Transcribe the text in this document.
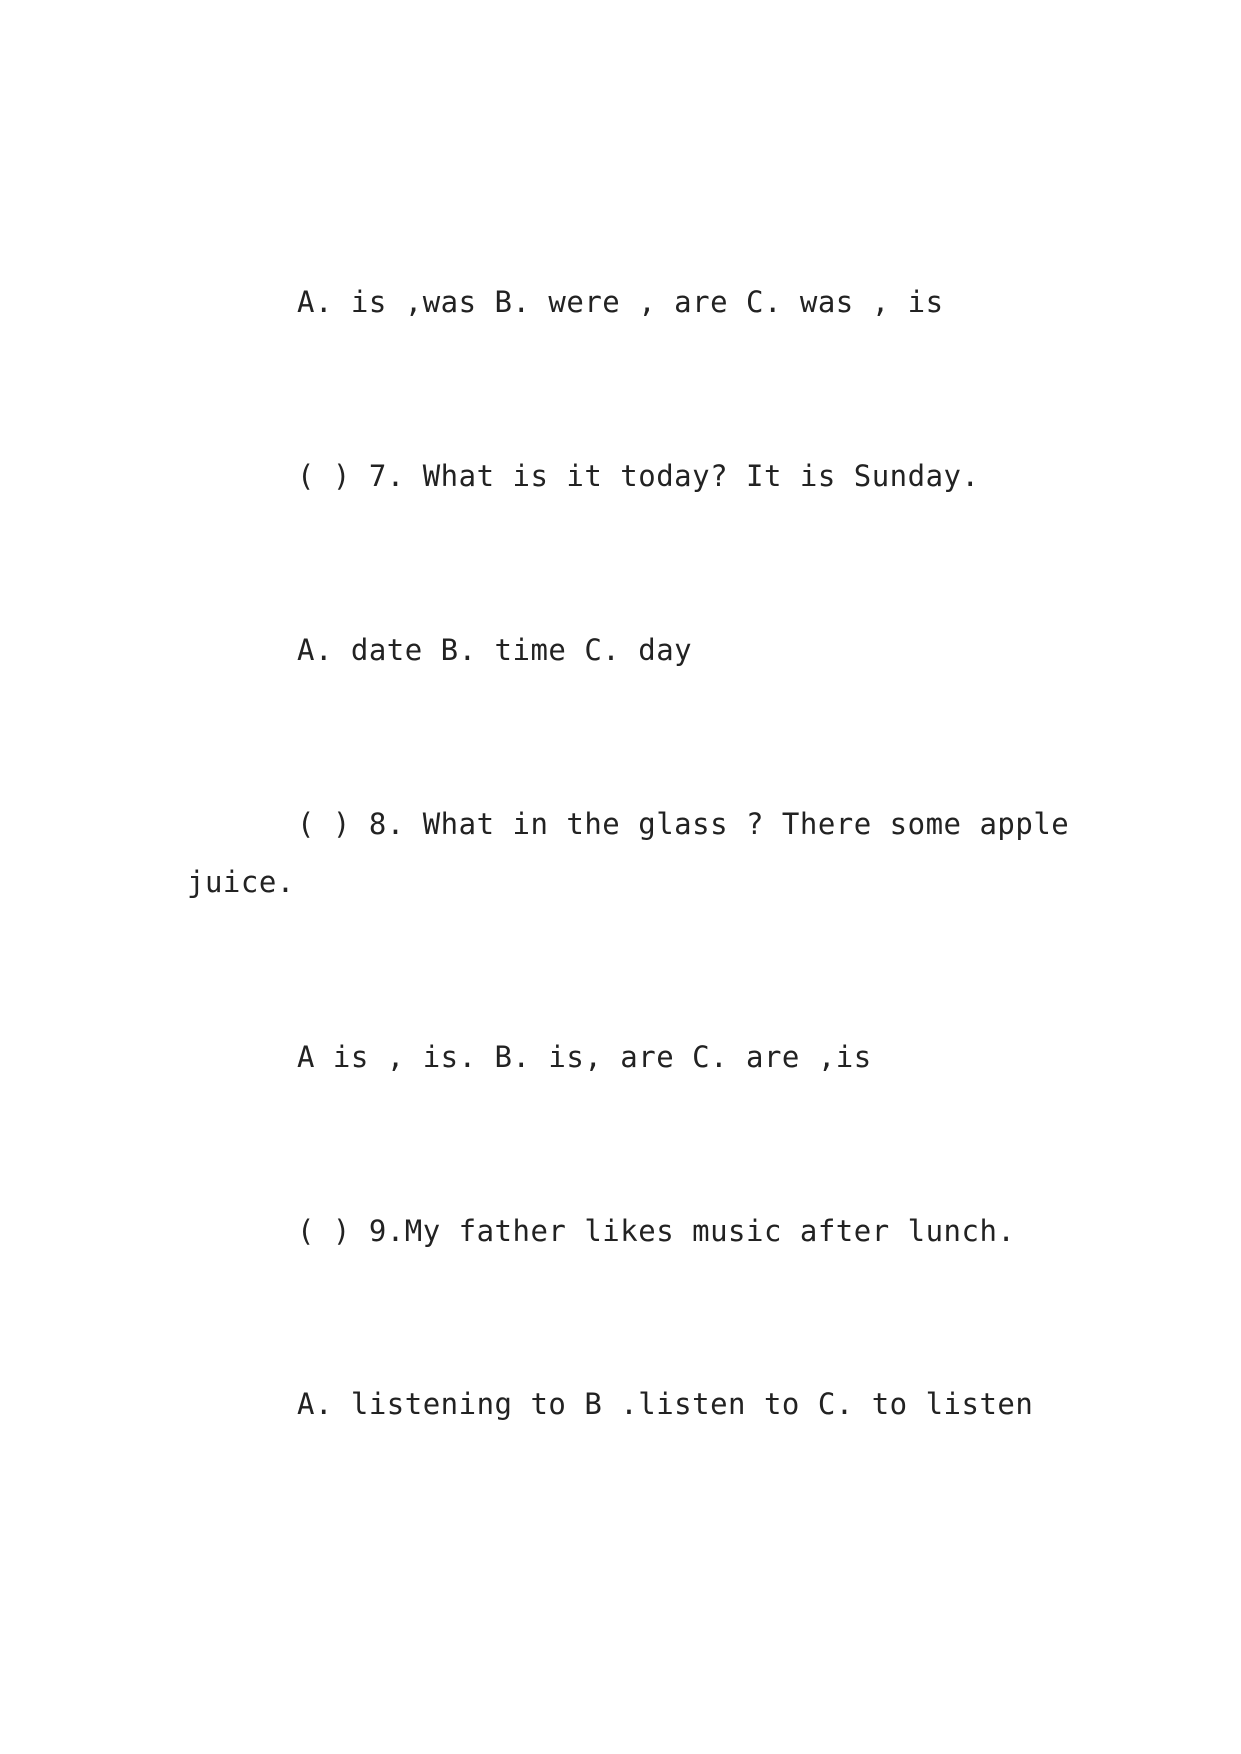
A. is ,was B. were , are C. was , is
( ) 7. What is it today? It is Sunday.
A. date B. time C. day
( ) 8. What in the glass ? There some apple
juice.
A is , is. B. is, are C. are ,is
( ) 9.My father likes music after lunch.
A. listening to B .listen to C. to listen
